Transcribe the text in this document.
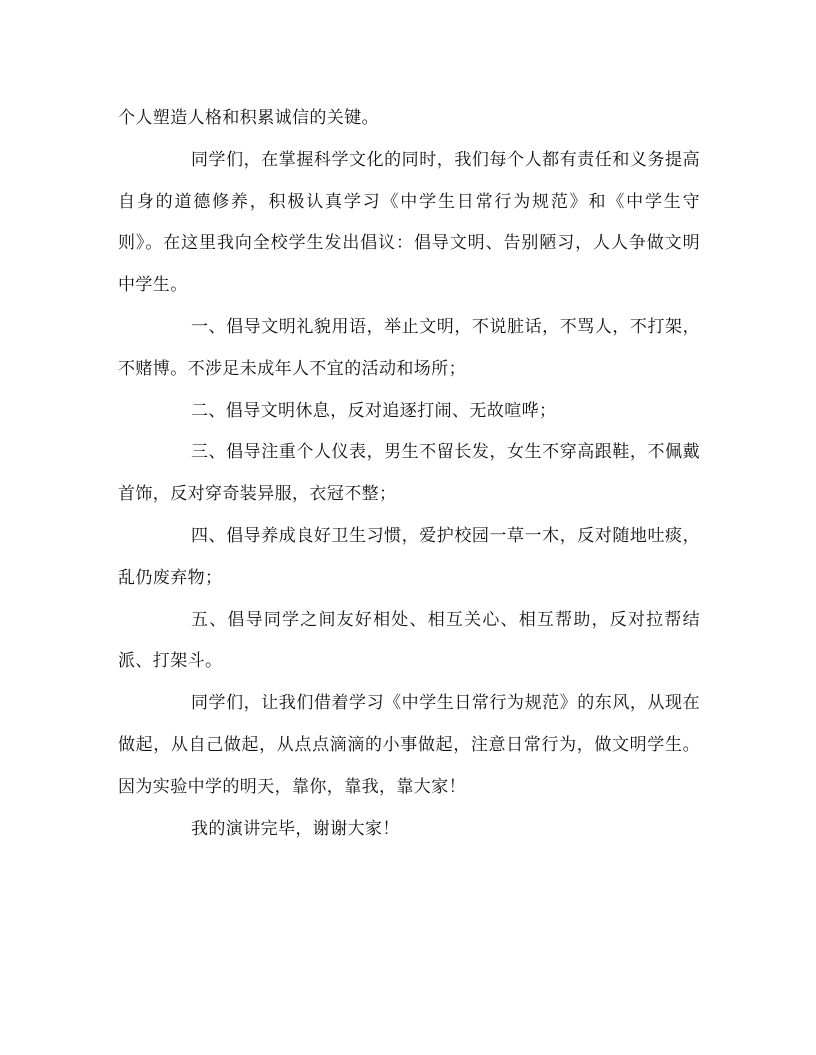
个人塑造人格和积累诚信的关键。

同学们，在掌握科学文化的同时，我们每个人都有责任和义务提高自身的道德修养，积极认真学习《中学生日常行为规范》和《中学生守则》。在这里我向全校学生发出倡议：倡导文明、告别陋习，人人争做文明中学生。

一、倡导文明礼貌用语，举止文明，不说脏话，不骂人，不打架，不赌博。不涉足未成年人不宜的活动和场所；

二、倡导文明休息，反对追逐打闹、无故喧哗；

三、倡导注重个人仪表，男生不留长发，女生不穿高跟鞋，不佩戴首饰，反对穿奇装异服，衣冠不整；

四、倡导养成良好卫生习惯，爱护校园一草一木，反对随地吐痰，乱仍废弃物；

五、倡导同学之间友好相处、相互关心、相互帮助，反对拉帮结派、打架斗。

同学们，让我们借着学习《中学生日常行为规范》的东风，从现在做起，从自己做起，从点点滴滴的小事做起，注意日常行为，做文明学生。因为实验中学的明天，靠你，靠我，靠大家！

我的演讲完毕，谢谢大家！
